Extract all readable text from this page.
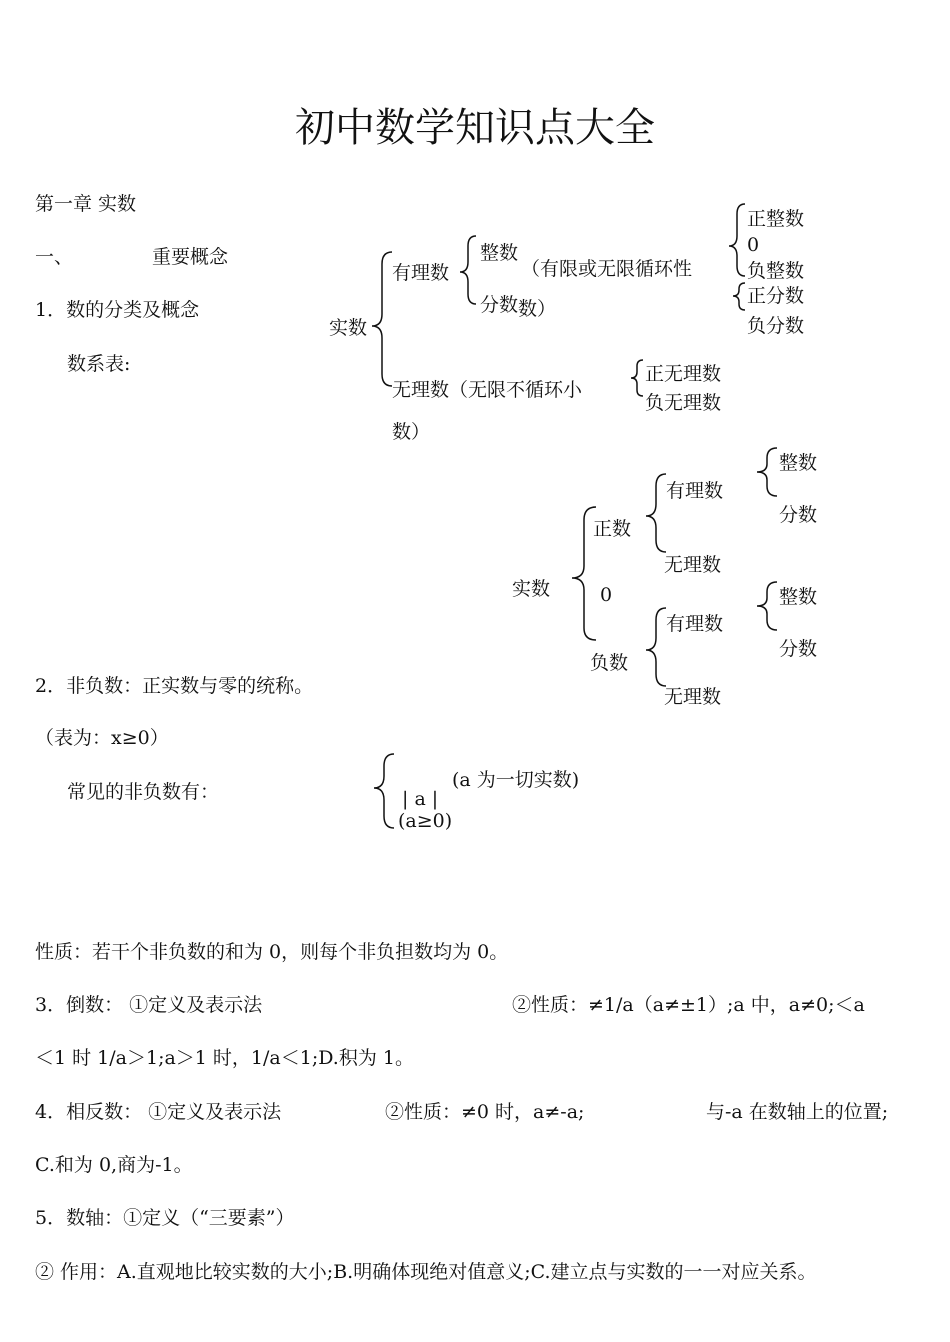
初中数学知识点大全
第一章 实数
一、	重要概念
1．数的分类及概念
数系表:
实数
有理数
整数
分数
（有限或无限循环性
数）
正整数
0
负整数
正分数
负分数
无理数（无限不循环小
数）
正无理数
负无理数
实数
正数
0
负数
有理数
无理数
有理数
无理数
整数
分数
整数
分数
2．非负数：正实数与零的统称。
（表为：x≥0）
常见的非负数有：
(a 为一切实数)
| a |
(a≥0)
性质：若干个非负数的和为 0，则每个非负担数均为 0。
3．倒数： ①定义及表示法	②性质：≠1/a（a≠±1）;a 中，a≠0;＜a
＜1 时 1/a＞1;a＞1 时，1/a＜1;D.积为 1。
4．相反数： ①定义及表示法	②性质：≠0 时，a≠-a;	与-a 在数轴上的位置;
C.和为 0,商为-1。
5．数轴：①定义（“三要素”）
② 作用：A.直观地比较实数的大小;B.明确体现绝对值意义;C.建立点与实数的一一对应关系。
